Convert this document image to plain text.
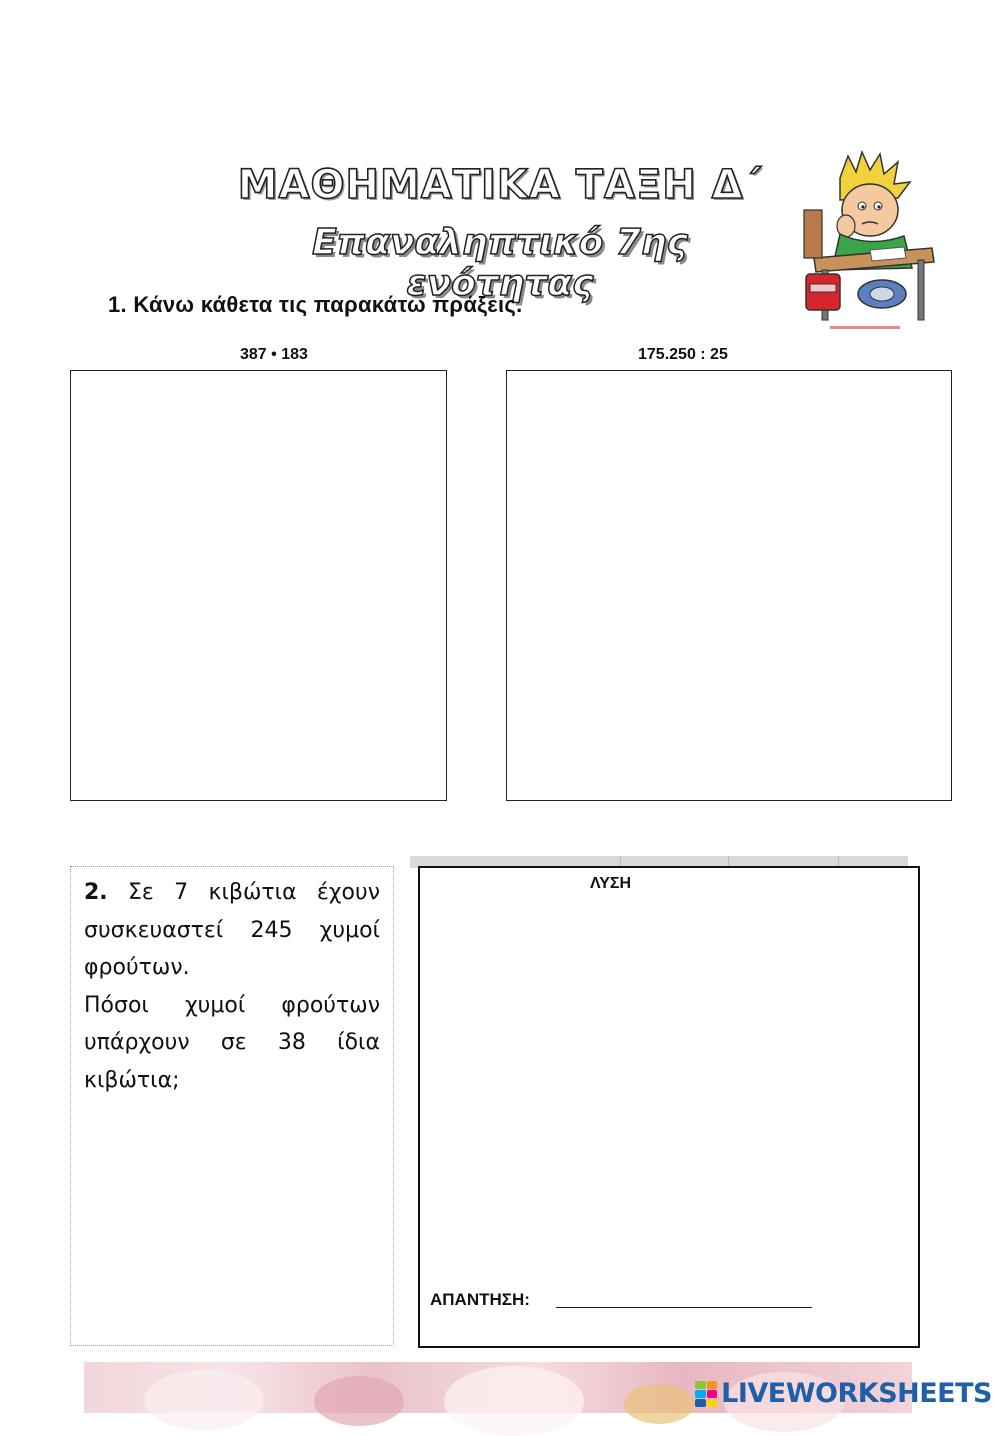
ΜΑΘΗΜΑΤΙΚΑ ΤΑΞΗ Δ΄
Επαναληπτικό 7ης ενότητας
1. Κάνω κάθετα τις παρακάτω πράξεις.
387 • 183	175.250 : 25
2. Σε 7 κιβώτια έχουν
συσκευαστεί 245 χυμοί
φρούτων.
Πόσοι χυμοί φρούτων
υπάρχουν σε 38 ίδια
κιβώτια;
ΛΥΣΗ
ΑΠΑΝΤΗΣΗ:
LIVEWORKSHEETS
